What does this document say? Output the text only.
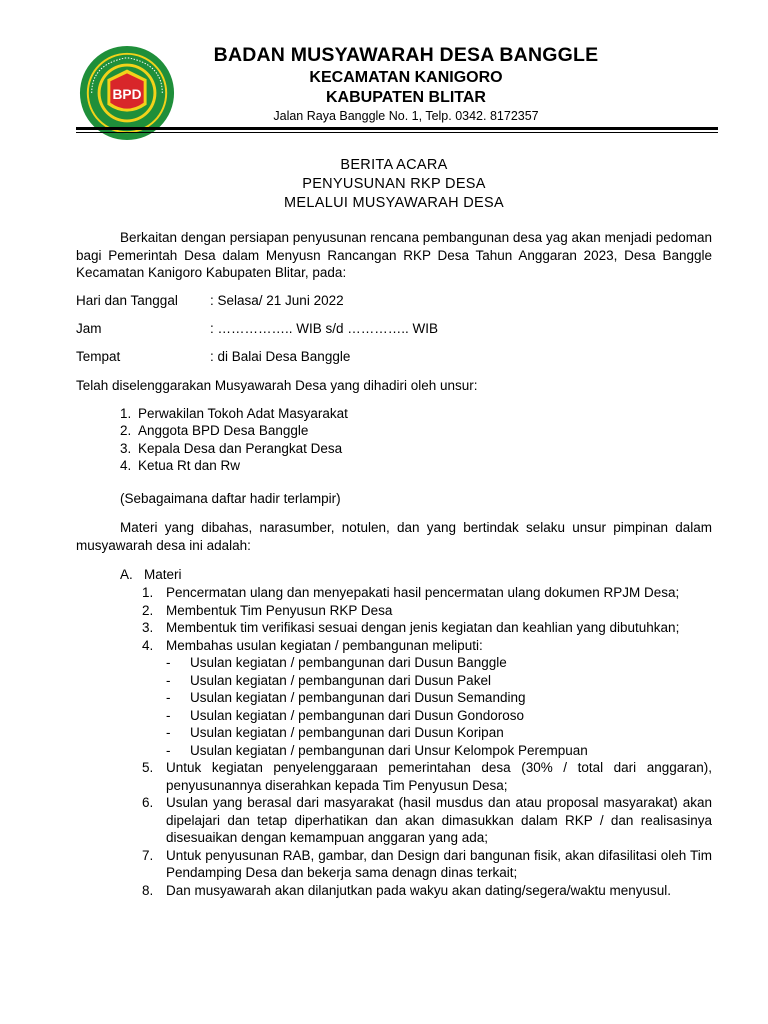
BPD
BADAN MUSYAWARAH DESA BANGGLE
KECAMATAN KANIGORO
KABUPATEN BLITAR
Jalan Raya Banggle No. 1, Telp. 0342. 8172357
BERITA ACARA
PENYUSUNAN RKP DESA
MELALUI MUSYAWARAH DESA
Berkaitan dengan persiapan penyusunan rencana pembangunan desa yag akan menjadi pedoman bagi Pemerintah Desa dalam Menyusn Rancangan RKP Desa Tahun Anggaran 2023, Desa Banggle Kecamatan Kanigoro Kabupaten Blitar, pada:
Hari dan Tanggal : Selasa/ 21 Juni 2022
Jam	: …………….. WIB s/d ………….. WIB
Tempat	: di Balai Desa Banggle
Telah diselenggarakan Musyawarah Desa yang dihadiri oleh unsur:
1. Perwakilan Tokoh Adat Masyarakat
2. Anggota BPD Desa Banggle
3. Kepala Desa dan Perangkat Desa
4. Ketua Rt dan Rw
(Sebagaimana daftar hadir terlampir)
Materi yang dibahas, narasumber, notulen, dan yang bertindak selaku unsur pimpinan dalam musyawarah desa ini adalah:
A. Materi
1. Pencermatan ulang dan menyepakati hasil pencermatan ulang dokumen RPJM Desa;
2. Membentuk Tim Penyusun RKP Desa
3. Membentuk tim verifikasi sesuai dengan jenis kegiatan dan keahlian yang dibutuhkan;
4. Membahas usulan kegiatan / pembangunan meliputi:
- Usulan kegiatan / pembangunan dari Dusun Banggle
- Usulan kegiatan / pembangunan dari Dusun Pakel
- Usulan kegiatan / pembangunan dari Dusun Semanding
- Usulan kegiatan / pembangunan dari Dusun Gondoroso
- Usulan kegiatan / pembangunan dari Dusun Koripan
- Usulan kegiatan / pembangunan dari Unsur Kelompok Perempuan
5. Untuk kegiatan penyelenggaraan pemerintahan desa (30% / total dari anggaran), penyusunannya diserahkan kepada Tim Penyusun Desa;
6. Usulan yang berasal dari masyarakat (hasil musdus dan atau proposal masyarakat) akan dipelajari dan tetap diperhatikan dan akan dimasukkan dalam RKP / dan realisasinya disesuaikan dengan kemampuan anggaran yang ada;
7. Untuk penyusunan RAB, gambar, dan Design dari bangunan fisik, akan difasilitasi oleh Tim Pendamping Desa dan bekerja sama denagn dinas terkait;
8. Dan musyawarah akan dilanjutkan pada wakyu akan dating/segera/waktu menyusul.
